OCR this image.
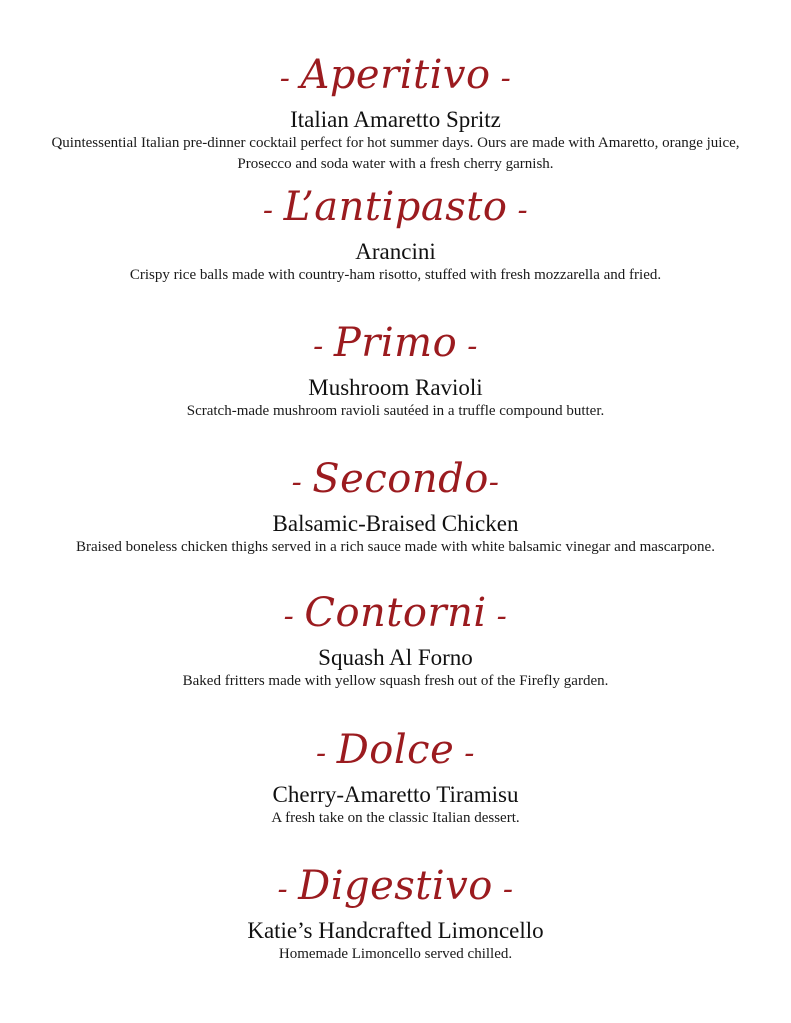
- Aperitivo -
Italian Amaretto Spritz
Quintessential Italian pre-dinner cocktail perfect for hot summer days. Ours are made with Amaretto, orange juice, Prosecco and soda water with a fresh cherry garnish.
- L’antipasto -
Arancini
Crispy rice balls made with country-ham risotto, stuffed with fresh mozzarella and fried.
- Primo -
Mushroom Ravioli
Scratch-made mushroom ravioli sautéed in a truffle compound butter.
- Secondo-
Balsamic-Braised Chicken
Braised boneless chicken thighs served in a rich sauce made with white balsamic vinegar and mascarpone.
- Contorni -
Squash Al Forno
Baked fritters made with yellow squash fresh out of the Firefly garden.
- Dolce -
Cherry-Amaretto Tiramisu
A fresh take on the classic Italian dessert.
- Digestivo -
Katie’s Handcrafted Limoncello
Homemade Limoncello served chilled.
